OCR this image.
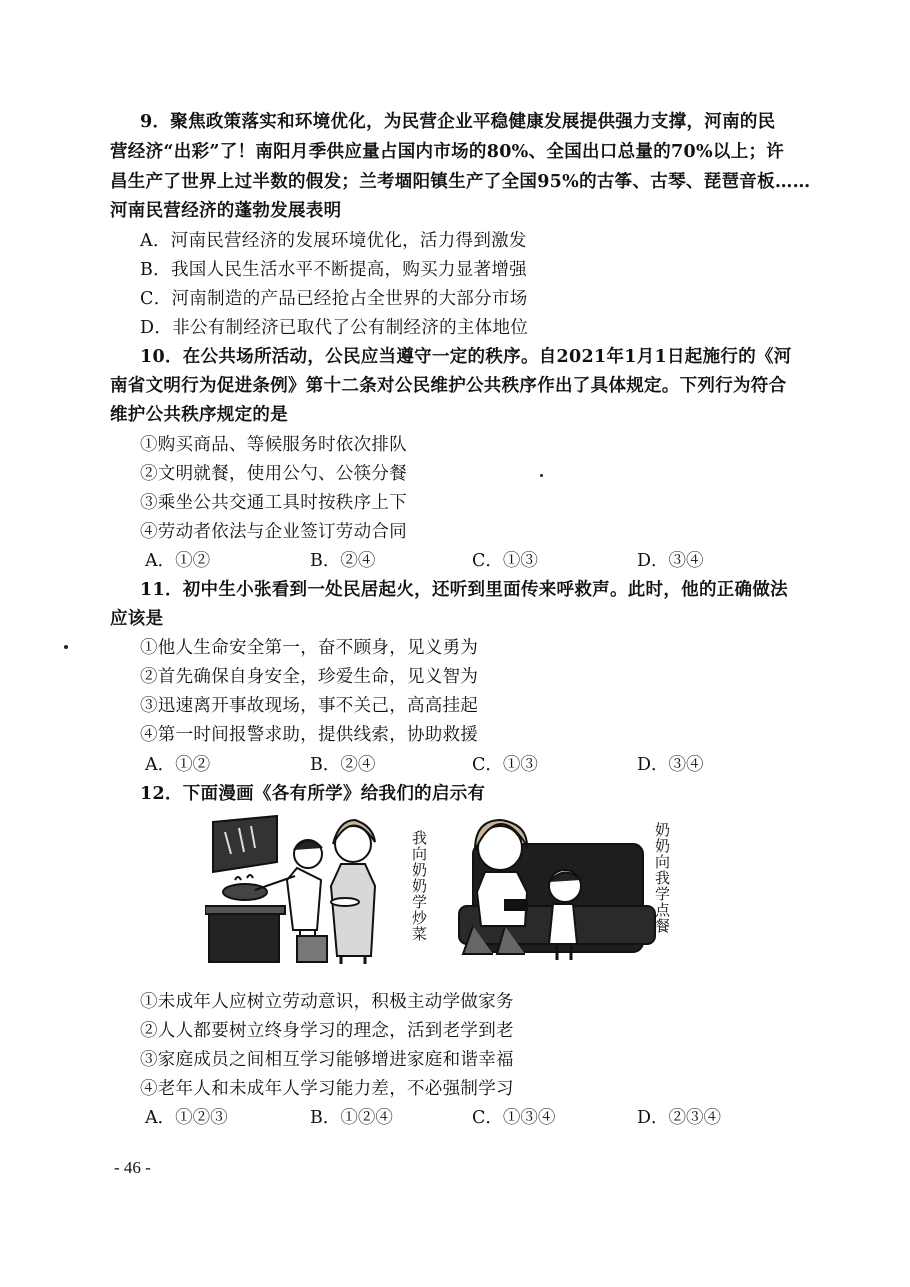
9．聚焦政策落实和环境优化，为民营企业平稳健康发展提供强力支撑，河南的民
营经济“出彩”了！南阳月季供应量占国内市场的80%、全国出口总量的70%以上；许
昌生产了世界上过半数的假发；兰考堌阳镇生产了全国95%的古筝、古琴、琵琶音板……
河南民营经济的蓬勃发展表明
A．河南民营经济的发展环境优化，活力得到激发
B．我国人民生活水平不断提高，购买力显著增强
C．河南制造的产品已经抢占全世界的大部分市场
D．非公有制经济已取代了公有制经济的主体地位
10．在公共场所活动，公民应当遵守一定的秩序。自2021年1月1日起施行的《河
南省文明行为促进条例》第十二条对公民维护公共秩序作出了具体规定。下列行为符合
维护公共秩序规定的是
①购买商品、等候服务时依次排队
②文明就餐，使用公勺、公筷分餐
③乘坐公共交通工具时按秩序上下
④劳动者依法与企业签订劳动合同
A．①②	B．②④	C．①③	D．③④
11．初中生小张看到一处民居起火，还听到里面传来呼救声。此时，他的正确做法
应该是
①他人生命安全第一，奋不顾身，见义勇为
②首先确保自身安全，珍爱生命，见义智为
③迅速离开事故现场，事不关己，高高挂起
④第一时间报警求助，提供线索，协助救援
A．①②	B．②④	C．①③	D．③④
12．下面漫画《各有所学》给我们的启示有
我向奶奶学炒菜	奶奶向我学点餐
①未成年人应树立劳动意识，积极主动学做家务
②人人都要树立终身学习的理念，活到老学到老
③家庭成员之间相互学习能够增进家庭和谐幸福
④老年人和未成年人学习能力差，不必强制学习
A．①②③	B．①②④	C．①③④	D．②③④
- 46 -
